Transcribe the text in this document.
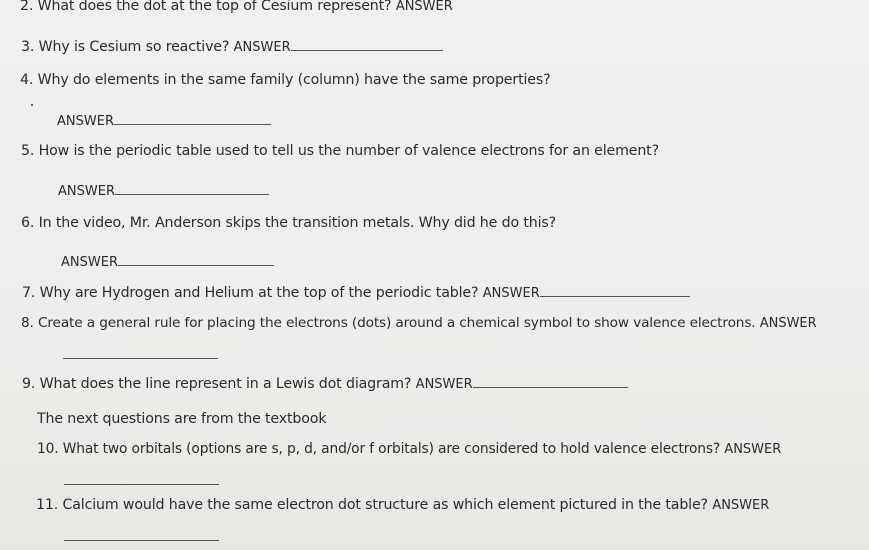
2. What does the dot at the top of Cesium represent? ANSWER
3. Why is Cesium so reactive? ANSWER
4. Why do elements in the same family (column) have the same properties?
ANSWER
5. How is the periodic table used to tell us the number of valence electrons for an element?
ANSWER
6. In the video, Mr. Anderson skips the transition metals. Why did he do this?
ANSWER
7. Why are Hydrogen and Helium at the top of the periodic table? ANSWER
8. Create a general rule for placing the electrons (dots) around a chemical symbol to show valence electrons. ANSWER
9. What does the line represent in a Lewis dot diagram? ANSWER
The next questions are from the textbook
10. What two orbitals (options are s, p, d, and/or f orbitals) are considered to hold valence electrons? ANSWER
11. Calcium would have the same electron dot structure as which element pictured in the table? ANSWER
